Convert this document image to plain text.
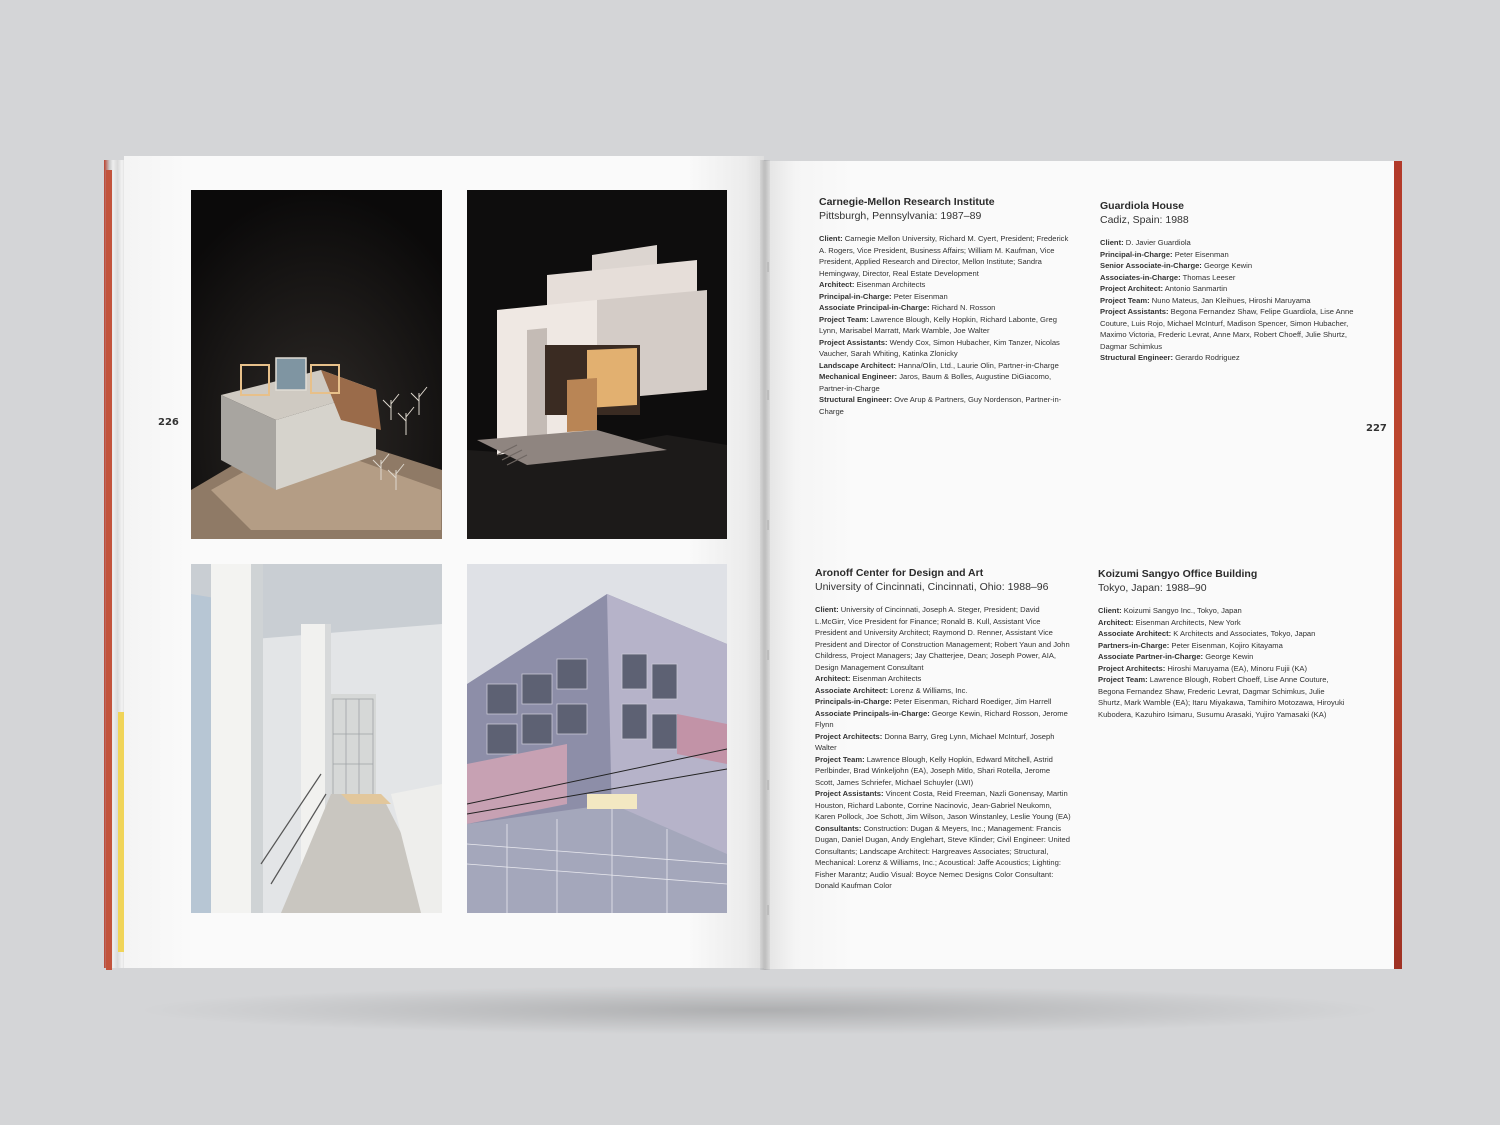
226
227

Carnegie-Mellon Research Institute

Pittsburgh, Pennsylvania: 1987–89

Client: Carnegie Mellon University, Richard M. Cyert, President; Frederick A. Rogers, Vice President, Business Affairs; William M. Kaufman, Vice President, Applied Research and Director, Mellon Institute; Sandra Hemingway, Director, Real Estate Development
Architect: Eisenman Architects
Principal-in-Charge: Peter Eisenman
Associate Principal-in-Charge: Richard N. Rosson
Project Team: Lawrence Blough, Kelly Hopkin, Richard Labonte, Greg Lynn, Marisabel Marratt, Mark Wamble, Joe Walter
Project Assistants: Wendy Cox, Simon Hubacher, Kim Tanzer, Nicolas Vaucher, Sarah Whiting, Katinka Zlonicky
Landscape Architect: Hanna/Olin, Ltd., Laurie Olin, Partner-in-Charge
Mechanical Engineer: Jaros, Baum & Bolles, Augustine DiGiacomo, Partner-in-Charge
Structural Engineer: Ove Arup & Partners, Guy Nordenson, Partner-in-Charge

Guardiola House

Cadiz, Spain: 1988

Client: D. Javier Guardiola
Principal-in-Charge: Peter Eisenman
Senior Associate-in-Charge: George Kewin
Associates-in-Charge: Thomas Leeser
Project Architect: Antonio Sanmartin
Project Team: Nuno Mateus, Jan Kleihues, Hiroshi Maruyama
Project Assistants: Begona Fernandez Shaw, Felipe Guardiola, Lise Anne Couture, Luis Rojo, Michael McInturf, Madison Spencer, Simon Hubacher, Maximo Victoria, Frederic Levrat, Anne Marx, Robert Choeff, Julie Shurtz, Dagmar Schimkus
Structural Engineer: Gerardo Rodriguez

Aronoff Center for Design and Art

University of Cincinnati, Cincinnati, Ohio: 1988–96

Client: University of Cincinnati, Joseph A. Steger, President; David L.McGirr, Vice President for Finance; Ronald B. Kull, Assistant Vice President and University Architect; Raymond D. Renner, Assistant Vice President and Director of Construction Management; Robert Yaun and John Childress, Project Managers; Jay Chatterjee, Dean; Joseph Power, AIA, Design Management Consultant
Architect: Eisenman Architects
Associate Architect: Lorenz & Williams, Inc.
Principals-in-Charge: Peter Eisenman, Richard Roediger, Jim Harrell
Associate Principals-in-Charge: George Kewin, Richard Rosson, Jerome Flynn
Project Architects: Donna Barry, Greg Lynn, Michael McInturf, Joseph Walter
Project Team: Lawrence Blough, Kelly Hopkin, Edward Mitchell, Astrid Perlbinder, Brad Winkeljohn (EA), Joseph Mitlo, Shari Rotella, Jerome Scott, James Schriefer, Michael Schuyler (LWI)
Project Assistants: Vincent Costa, Reid Freeman, Nazli Gonensay, Martin Houston, Richard Labonte, Corrine Nacinovic, Jean-Gabriel Neukomn, Karen Pollock, Joe Schott, Jim Wilson, Jason Winstanley, Leslie Young (EA)
Consultants: Construction: Dugan & Meyers, Inc.; Management: Francis Dugan, Daniel Dugan, Andy Englehart, Steve Klinder; Civil Engineer: United Consultants; Landscape Architect: Hargreaves Associates; Structural, Mechanical: Lorenz & Williams, Inc.; Acoustical: Jaffe Acoustics; Lighting: Fisher Marantz; Audio Visual: Boyce Nemec Designs Color Consultant: Donald Kaufman Color

Koizumi Sangyo Office Building

Tokyo, Japan: 1988–90

Client: Koizumi Sangyo Inc., Tokyo, Japan
Architect: Eisenman Architects, New York
Associate Architect: K Architects and Associates, Tokyo, Japan
Partners-in-Charge: Peter Eisenman, Kojiro Kitayama
Associate Partner-in-Charge: George Kewin
Project Architects: Hiroshi Maruyama (EA), Minoru Fujii (KA)
Project Team: Lawrence Blough, Robert Choeff, Lise Anne Couture, Begona Fernandez Shaw, Frederic Levrat, Dagmar Schimkus, Julie Shurtz, Mark Wamble (EA); Itaru Miyakawa, Tamihiro Motozawa, Hiroyuki Kubodera, Kazuhiro Isimaru, Susumu Arasaki, Yujiro Yamasaki (KA)
